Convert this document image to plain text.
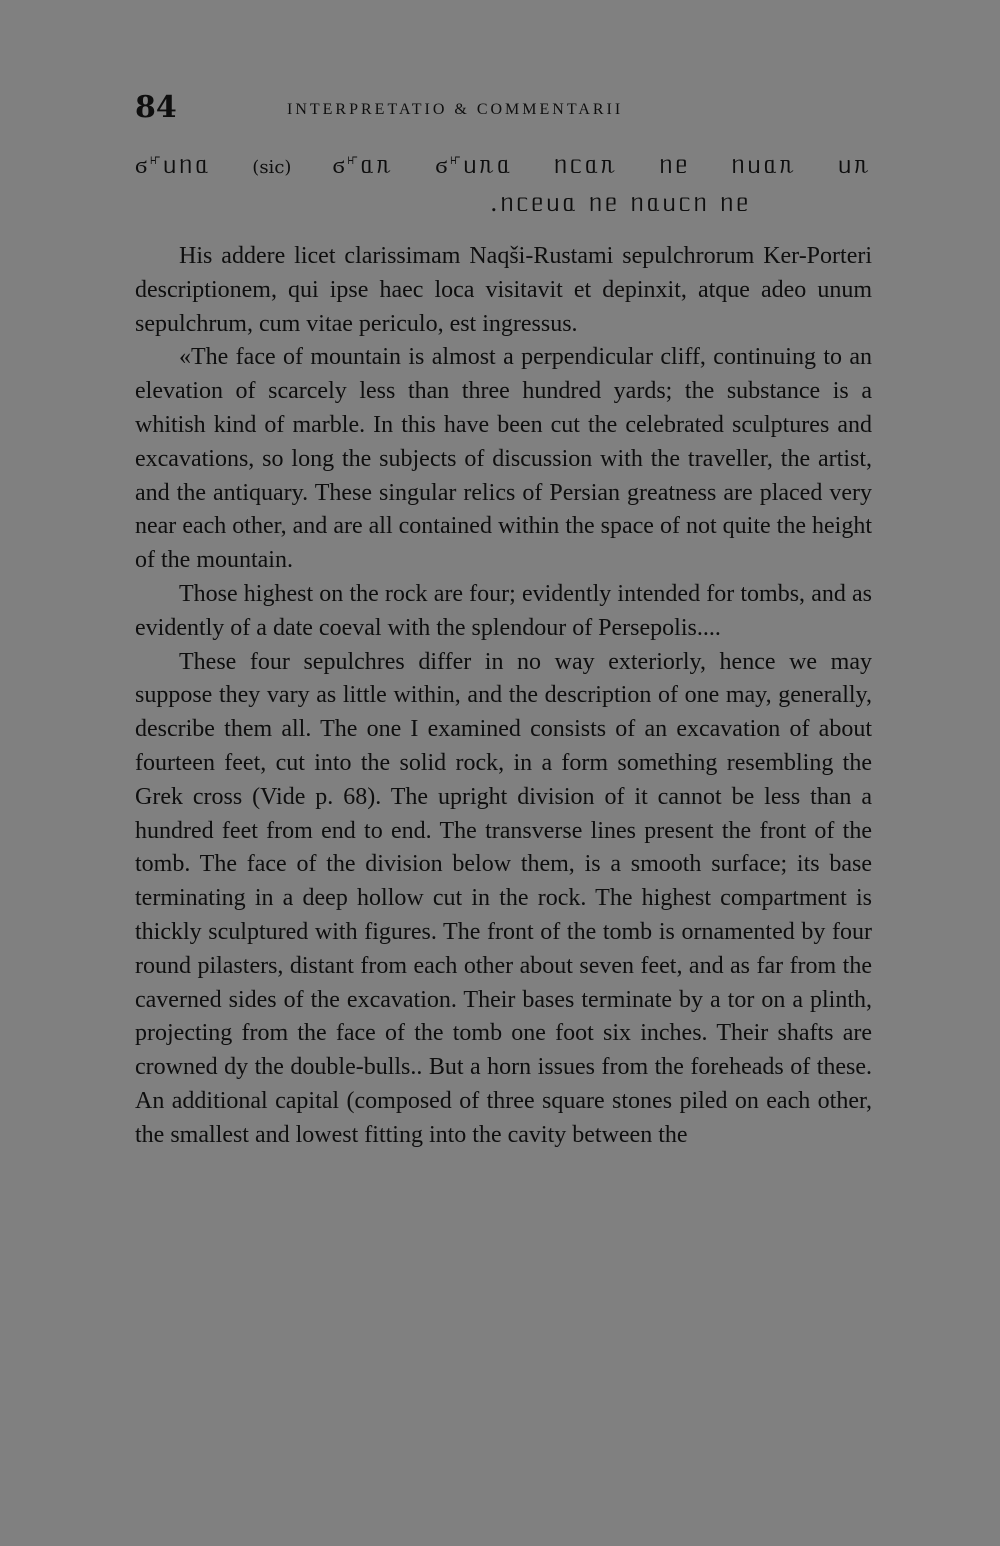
84	INTERPRETATIO & COMMENTARII
ϭ𝆦ᥙᥒᥲ (sic) ϭ𝆦ᥲᥰ ϭ𝆦ᥙᥰᥲ ᥒᥴᥲᥰ ᥒᥱ ᥒᥙᥲᥰ ᥙᥰ
.ᥒᥴᥱᥙᥲ ᥒᥱ ᥒᥲᥙᥴᥒ ᥒᥱ

His addere licet clarissimam Naqši-Rustami sepulchrorum Ker-Porteri descriptionem, qui ipse haec loca visitavit et depinxit, atque adeo unum sepulchrum, cum vitae periculo, est ingressus.

«The face of mountain is almost a perpendicular cliff, continuing to an elevation of scarcely less than three hundred yards; the substance is a whitish kind of marble. In this have been cut the celebrated sculptures and excavations, so long the subjects of discussion with the traveller, the artist, and the antiquary. These singular relics of Persian greatness are placed very near each other, and are all contained within the space of not quite the height of the mountain.

Those highest on the rock are four; evidently intended for tombs, and as evidently of a date coeval with the splendour of Persepolis....

These four sepulchres differ in no way exteriorly, hence we may suppose they vary as little within, and the description of one may, generally, describe them all. The one I examined consists of an excavation of about fourteen feet, cut into the solid rock, in a form something resembling the Grek cross (Vide p. 68). The upright division of it cannot be less than a hundred feet from end to end. The transverse lines present the front of the tomb. The face of the division below them, is a smooth surface; its base terminating in a deep hollow cut in the rock. The highest compartment is thickly sculptured with figures. The front of the tomb is ornamented by four round pilasters, distant from each other about seven feet, and as far from the caverned sides of the excavation. Their bases terminate by a tor on a plinth, projecting from the face of the tomb one foot six inches. Their shafts are crowned dy the double-bulls.. But a horn issues from the foreheads of these. An additional capital (composed of three square stones piled on each other, the smallest and lowest fitting into the cavity between the
